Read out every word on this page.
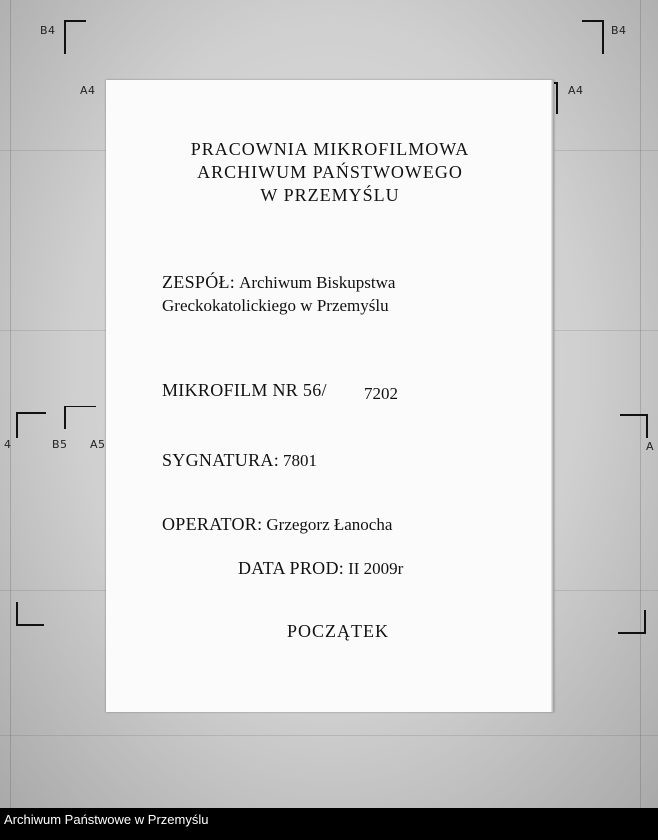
B4	B4
A4	A4
4	B5 A5	A
PRACOWNIA MIKROFILMOWA
ARCHIWUM PAŃSTWOWEGO
W PRZEMYŚLU
ZESPÓŁ: Archiwum Biskupstwa
Greckokatolickiego w Przemyślu
MIKROFILM NR 56/ 7202
SYGNATURA: 7801
OPERATOR: Grzegorz Łanocha
DATA PROD: II 2009r
POCZĄTEK
Archiwum Państwowe w Przemyślu
